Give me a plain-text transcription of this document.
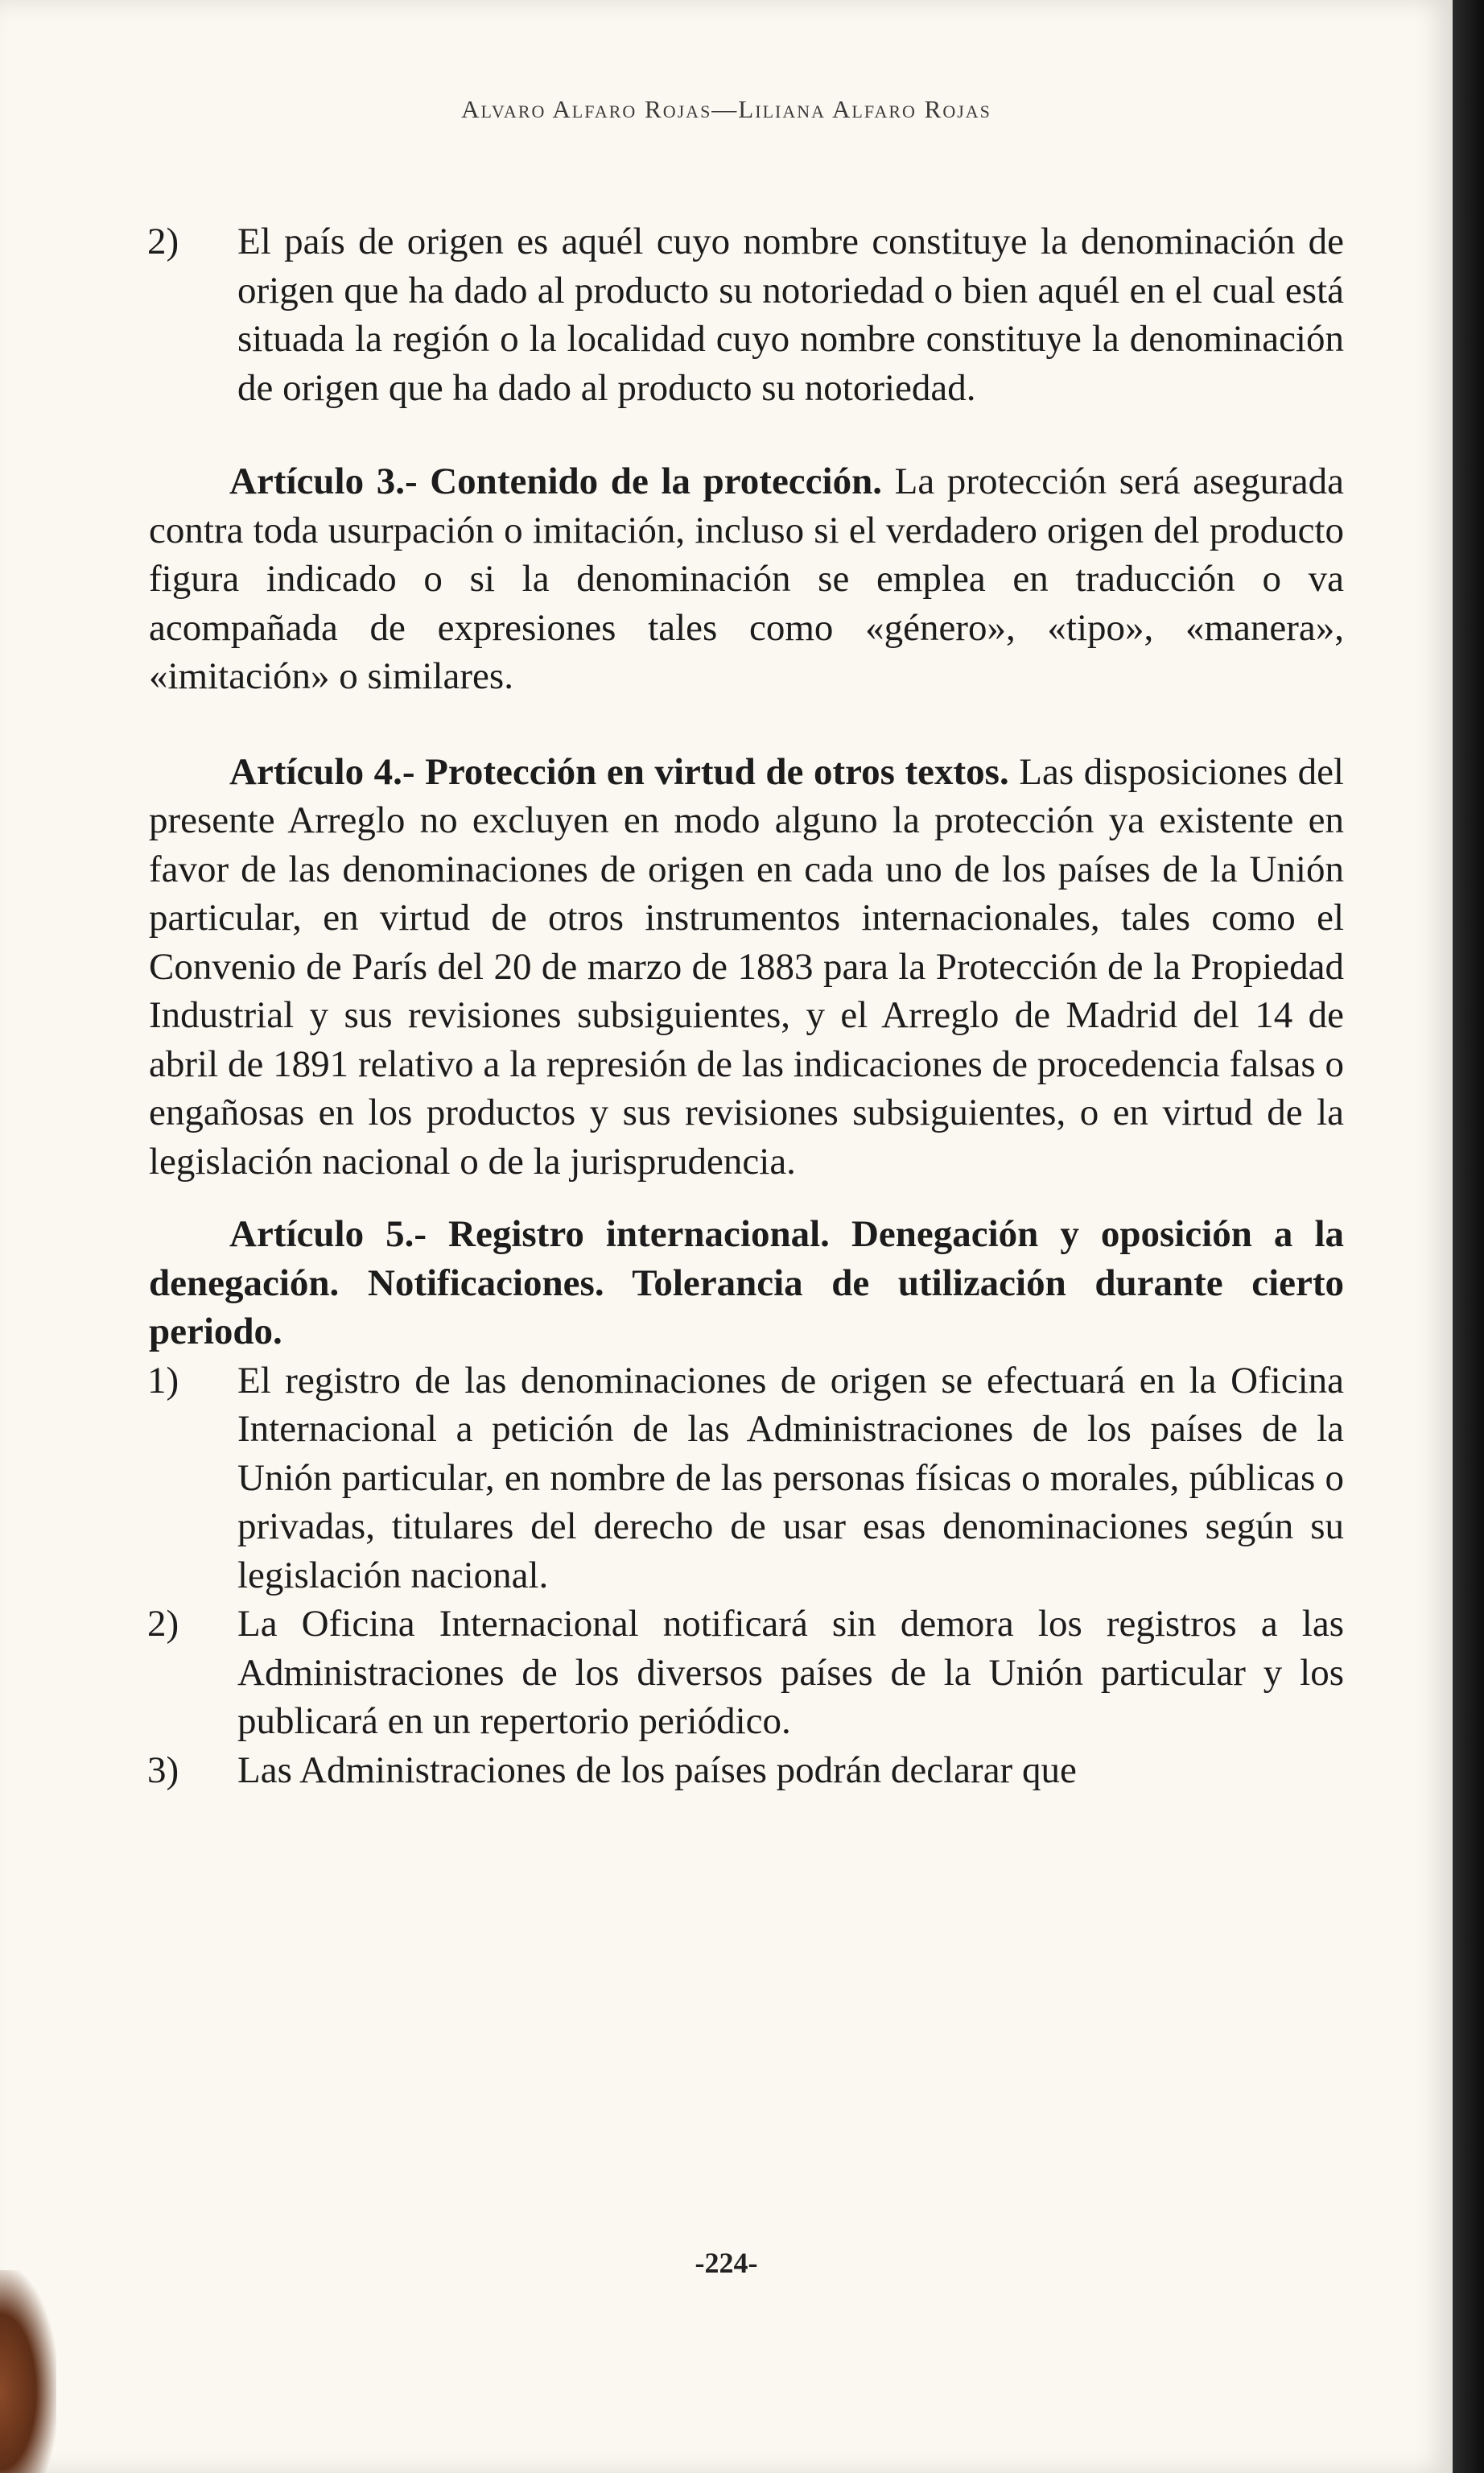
Alvaro Alfaro Rojas—Liliana Alfaro Rojas

2) El país de origen es aquél cuyo nombre constituye la denominación de origen que ha dado al producto su notoriedad o bien aquél en el cual está situada la región o la localidad cuyo nombre constituye la denominación de origen que ha dado al producto su notoriedad.

Artículo 3.- Contenido de la protección. La protección será asegurada contra toda usurpación o imitación, incluso si el verdadero origen del producto figura indicado o si la denominación se emplea en traducción o va acompañada de expresiones tales como «género», «tipo», «manera», «imitación» o similares.

Artículo 4.- Protección en virtud de otros textos. Las disposiciones del presente Arreglo no excluyen en modo alguno la protección ya existente en favor de las denominaciones de origen en cada uno de los países de la Unión particular, en virtud de otros instrumentos internacionales, tales como el Convenio de París del 20 de marzo de 1883 para la Protección de la Propiedad Industrial y sus revisiones subsiguientes, y el Arreglo de Madrid del 14 de abril de 1891 relativo a la represión de las indicaciones de procedencia falsas o engañosas en los productos y sus revisiones subsiguientes, o en virtud de la legislación nacional o de la jurisprudencia.

Artículo 5.- Registro internacional. Denegación y oposición a la denegación. Notificaciones. Tolerancia de utilización durante cierto periodo.

1) El registro de las denominaciones de origen se efectuará en la Oficina Internacional a petición de las Administraciones de los países de la Unión particular, en nombre de las personas físicas o morales, públicas o privadas, titulares del derecho de usar esas denominaciones según su legislación nacional.

2) La Oficina Internacional notificará sin demora los registros a las Administraciones de los diversos países de la Unión particular y los publicará en un repertorio periódico.

3) Las Administraciones de los países podrán declarar que

-224-
